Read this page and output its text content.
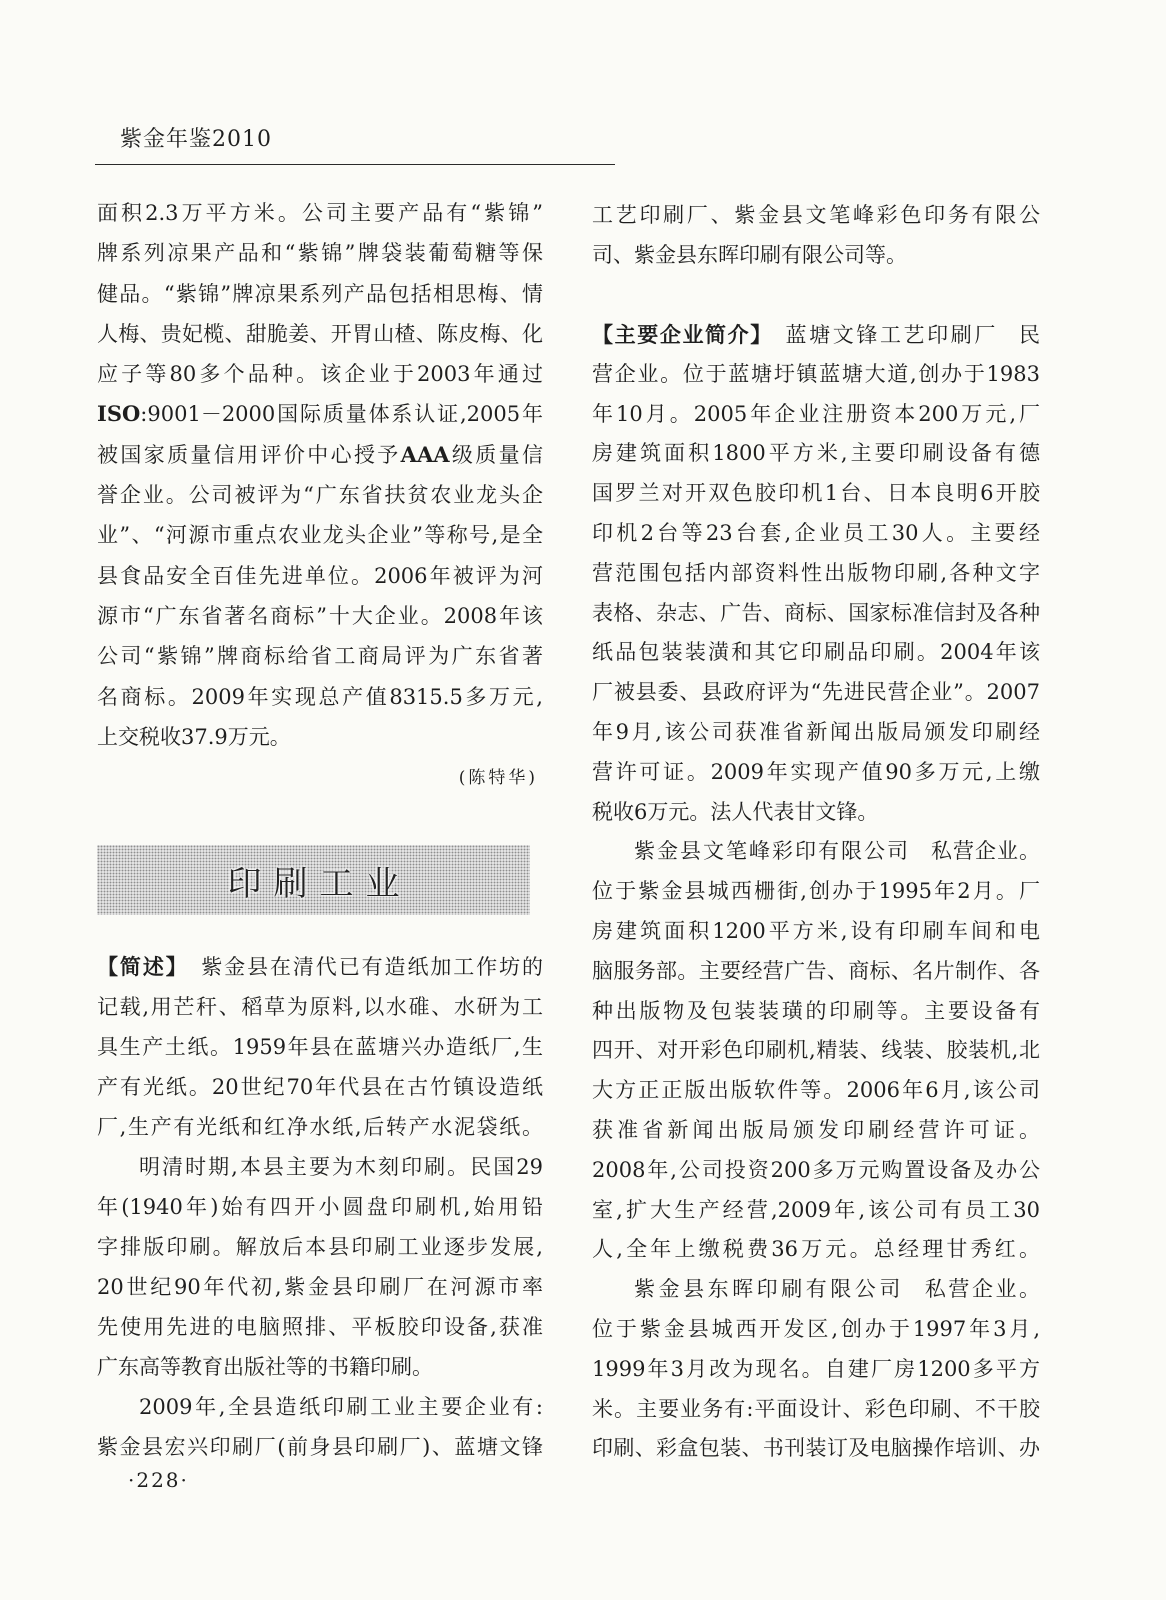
紫金年鉴2010
面积2.3万平方米。公司主要产品有“紫锦”
牌系列凉果产品和“紫锦”牌袋装葡萄糖等保
健品。“紫锦”牌凉果系列产品包括相思梅、情
人梅、贵妃榄、甜脆姜、开胃山楂、陈皮梅、化
应子等80多个品种。该企业于2003年通过
ISO:9001－2000国际质量体系认证,2005年
被国家质量信用评价中心授予AAA级质量信
誉企业。公司被评为“广东省扶贫农业龙头企
业”、“河源市重点农业龙头企业”等称号,是全
县食品安全百佳先进单位。2006年被评为河
源市“广东省著名商标”十大企业。2008年该
公司“紫锦”牌商标给省工商局评为广东省著
名商标。2009年实现总产值8315.5多万元,
上交税收37.9万元。
(陈特华)
印刷工业
【简述】 紫金县在清代已有造纸加工作坊的
记载,用芒秆、稻草为原料,以水碓、水研为工
具生产土纸。1959年县在蓝塘兴办造纸厂,生
产有光纸。20世纪70年代县在古竹镇设造纸
厂,生产有光纸和红净水纸,后转产水泥袋纸。
明清时期,本县主要为木刻印刷。民国29
年(1940年)始有四开小圆盘印刷机,始用铅
字排版印刷。解放后本县印刷工业逐步发展,
20世纪90年代初,紫金县印刷厂在河源市率
先使用先进的电脑照排、平板胶印设备,获准
广东高等教育出版社等的书籍印刷。
2009年,全县造纸印刷工业主要企业有:
紫金县宏兴印刷厂(前身县印刷厂)、蓝塘文锋
工艺印刷厂、紫金县文笔峰彩色印务有限公
司、紫金县东晖印刷有限公司等。
【主要企业简介】 蓝塘文锋工艺印刷厂 民
营企业。位于蓝塘圩镇蓝塘大道,创办于1983
年10月。2005年企业注册资本200万元,厂
房建筑面积1800平方米,主要印刷设备有德
国罗兰对开双色胶印机1台、日本良明6开胶
印机2台等23台套,企业员工30人。主要经
营范围包括内部资料性出版物印刷,各种文字
表格、杂志、广告、商标、国家标准信封及各种
纸品包装装潢和其它印刷品印刷。2004年该
厂被县委、县政府评为“先进民营企业”。2007
年9月,该公司获准省新闻出版局颁发印刷经
营许可证。2009年实现产值90多万元,上缴
税收6万元。法人代表甘文锋。
紫金县文笔峰彩印有限公司 私营企业。
位于紫金县城西栅街,创办于1995年2月。厂
房建筑面积1200平方米,设有印刷车间和电
脑服务部。主要经营广告、商标、名片制作、各
种出版物及包装装璜的印刷等。主要设备有
四开、对开彩色印刷机,精装、线装、胶装机,北
大方正正版出版软件等。2006年6月,该公司
获准省新闻出版局颁发印刷经营许可证。
2008年,公司投资200多万元购置设备及办公
室,扩大生产经营,2009年,该公司有员工30
人,全年上缴税费36万元。总经理甘秀红。
紫金县东晖印刷有限公司 私营企业。
位于紫金县城西开发区,创办于1997年3月,
1999年3月改为现名。自建厂房1200多平方
米。主要业务有:平面设计、彩色印刷、不干胶
印刷、彩盒包装、书刊装订及电脑操作培训、办
·228·
